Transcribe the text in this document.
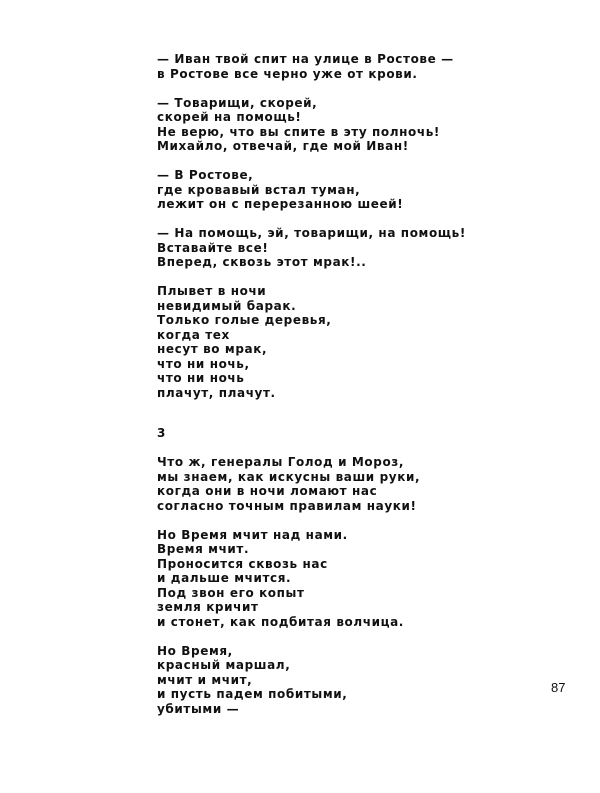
— Иван твой спит на улице в Ростове —
в Ростове все черно уже от крови.
— Товарищи, скорей,
скорей на помощь!
Не верю, что вы спите в эту полночь!
Михайло, отвечай, где мой Иван!
— В Ростове,
где кровавый встал туман,
лежит он с перерезанною шеей!
— На помощь, эй, товарищи, на помощь!
Вставайте все!
Вперед, сквозь этот мрак!..
Плывет в ночи
невидимый барак.
Только голые деревья,
когда тех
несут во мрак,
что ни ночь,
что ни ночь
плачут, плачут.
3
Что ж, генералы Голод и Мороз,
мы знаем, как искусны ваши руки,
когда они в ночи ломают нас
согласно точным правилам науки!
Но Время мчит над нами.
Время мчит.
Проносится сквозь нас
и дальше мчится.
Под звон его копыт
земля кричит
и стонет, как подбитая волчица.
Но Время,
красный маршал,
мчит и мчит,
и пусть падем побитыми,
убитыми —
87
